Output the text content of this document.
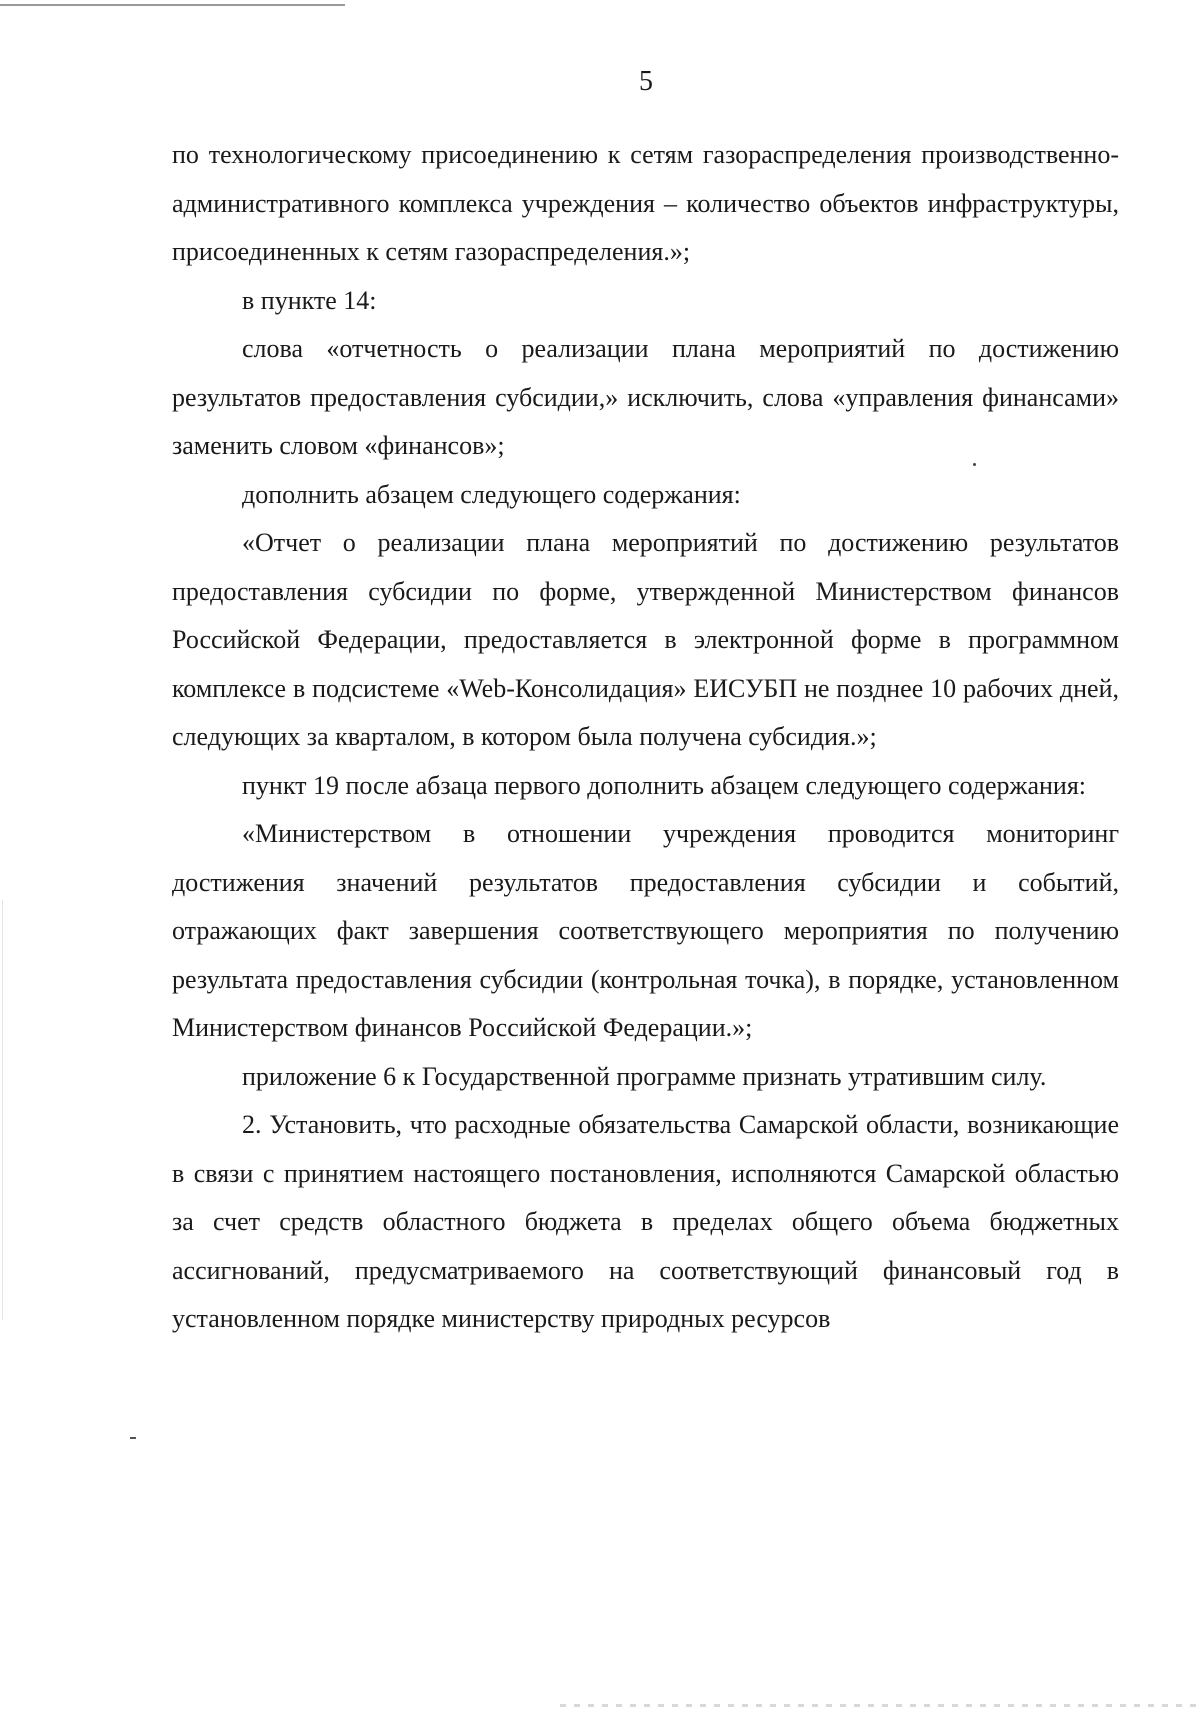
5

по технологическому присоединению к сетям газораспределения производственно-административного комплекса учреждения – количество объектов инфраструктуры, присоединенных к сетям газораспределения.»;

в пункте 14:

слова «отчетность о реализации плана мероприятий по достижению результатов предоставления субсидии,» исключить, слова «управления финансами» заменить словом «финансов»;

дополнить абзацем следующего содержания:

«Отчет о реализации плана мероприятий по достижению результатов предоставления субсидии по форме, утвержденной Министерством финансов Российской Федерации, предоставляется в электронной форме в программном комплексе в подсистеме «Web-Консолидация» ЕИСУБП не позднее 10 рабочих дней, следующих за кварталом, в котором была получена субсидия.»;

пункт 19 после абзаца первого дополнить абзацем следующего содержания:

«Министерством в отношении учреждения проводится мониторинг достижения значений результатов предоставления субсидии и событий, отражающих факт завершения соответствующего мероприятия по получению результата предоставления субсидии (контрольная точка), в порядке, установленном Министерством финансов Российской Федерации.»;

приложение 6 к Государственной программе признать утратившим силу.

2. Установить, что расходные обязательства Самарской области, возникающие в связи с принятием настоящего постановления, исполняются Самарской областью за счет средств областного бюджета в пределах общего объема бюджетных ассигнований, предусматриваемого на соответствующий финансовый год в установленном порядке министерству природных ресурсов
